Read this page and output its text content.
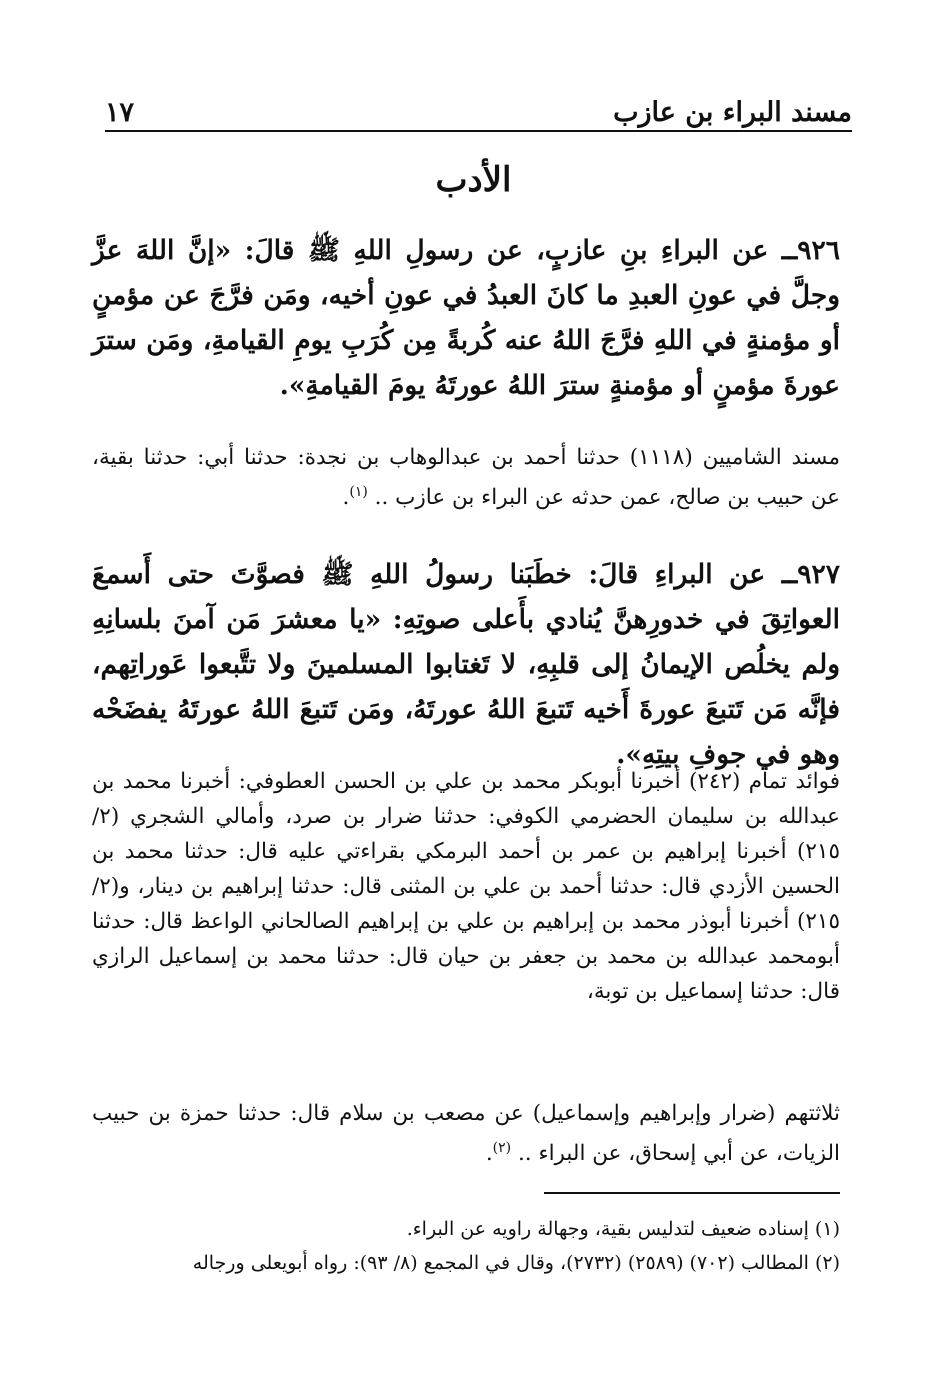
مسند البراء بن عازب
١٧
الأدب

٩٢٦ــ عن البراءِ بنِ عازبٍ، عن رسولِ اللهِ ﷺ قالَ: «إنَّ اللهَ عزَّ وجلَّ في عونِ العبدِ ما كانَ العبدُ في عونِ أخيه، ومَن فرَّجَ عن مؤمنٍ أو مؤمنةٍ في اللهِ فرَّجَ اللهُ عنه كُربةً مِن كُرَبِ يومِ القيامةِ، ومَن سترَ عورةَ مؤمنٍ أو مؤمنةٍ سترَ اللهُ عورتَهُ يومَ القيامةِ».

مسند الشاميين (١١١٨) حدثنا أحمد بن عبدالوهاب بن نجدة: حدثنا أبي: حدثنا بقية، عن حبيب بن صالح، عمن حدثه عن البراء بن عازب .. $^{(١)}$.

٩٢٧ــ عن البراءِ قالَ: خطَبَنا رسولُ اللهِ ﷺ فصوَّتَ حتى أَسمعَ العواتِقَ في خدورِهنَّ يُنادي بأَعلى صوتِهِ: «يا معشرَ مَن آمنَ بلسانِهِ ولم يخلُص الإيمانُ إلى قلبِهِ، لا تَغتابوا المسلمينَ ولا تتَّبعوا عَوراتِهم، فإنَّه مَن تَتبعَ عورةَ أَخيه تَتبعَ اللهُ عورتَهُ، ومَن تَتبعَ اللهُ عورتَهُ يفضَحْه وهو في جوفِ بيتِهِ».

فوائد تمام (٢٤٢) أخبرنا أبوبكر محمد بن علي بن الحسن العطوفي: أخبرنا محمد بن عبدالله بن سليمان الحضرمي الكوفي: حدثنا ضرار بن صرد، وأمالي الشجري (٢/ ٢١٥) أخبرنا إبراهيم بن عمر بن أحمد البرمكي بقراءتي عليه قال: حدثنا محمد بن الحسين الأزدي قال: حدثنا أحمد بن علي بن المثنى قال: حدثنا إبراهيم بن دينار، و(٢/ ٢١٥) أخبرنا أبوذر محمد بن إبراهيم بن علي بن إبراهيم الصالحاني الواعظ قال: حدثنا أبومحمد عبدالله بن محمد بن جعفر بن حيان قال: حدثنا محمد بن إسماعيل الرازي قال: حدثنا إسماعيل بن توبة،

ثلاثتهم (ضرار وإبراهيم وإسماعيل) عن مصعب بن سلام قال: حدثنا حمزة بن حبيب الزيات، عن أبي إسحاق، عن البراء .. $^{(٢)}$.

(١) إسناده ضعيف لتدليس بقية، وجهالة راويه عن البراء.

(٢) المطالب (٧٠٢) (٢٥٨٩) (٢٧٣٢)، وقال في المجمع (٨/ ٩٣): رواه أبويعلى ورجاله
